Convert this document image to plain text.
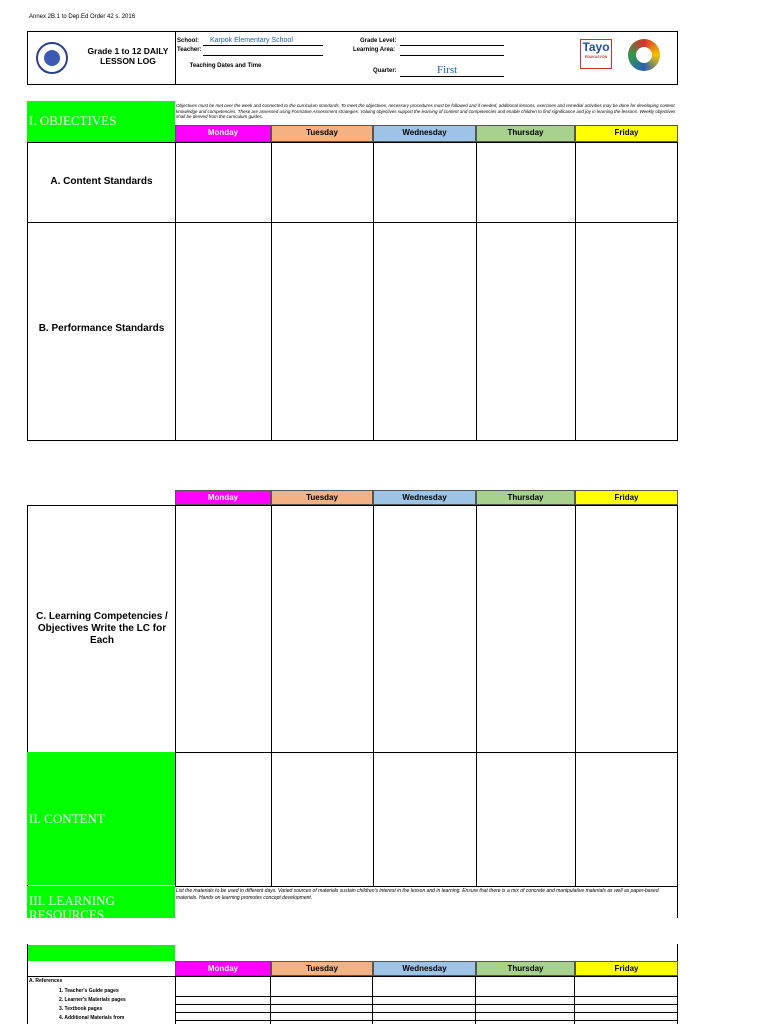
Annex 2B.1 to Dep.Ed Order 42 s. 2016
Grade 1 to 12 DAILY LESSON LOG
School: Karpok Elementary School
Teacher:
Teaching Dates and Time
Grade Level:
Learning Area:
Quarter:	First
Tayo
EDUKASYON
I. OBJECTIVES
Objectives must be met over the week and connected to the curriculum standards. To meet the objectives, necessary procedures must be followed and if needed, additional lessons, exercises and remedial activities may be done for developing content knowledge and competencies. These are assessed using Formative Assessment strategies. Valuing objectives support the learning of content and competencies and enable children to find significance and joy in learning the lessons. Weekly objectives shall be derived from the curriculum guides.
Monday	Tuesday	Wednesday	Thursday	Friday
A. Content Standards
B. Performance Standards
Monday	Tuesday	Wednesday	Thursday	Friday
C. Learning Competencies / Objectives Write the LC for Each
II. CONTENT
III. LEARNING RESOURCES
List the materials to be used in different days. Varied sources of materials sustain children's interest in the lesson and in learning. Ensure that there is a mix of concrete and manipulative materials as well as paper-based materials. Hands on learning promotes concept development.
Monday	Tuesday	Wednesday	Thursday	Friday
A. References
1. Teacher's Guide pages
2. Learner's Materials pages
3. Textbook pages
4. Additional Materials from
